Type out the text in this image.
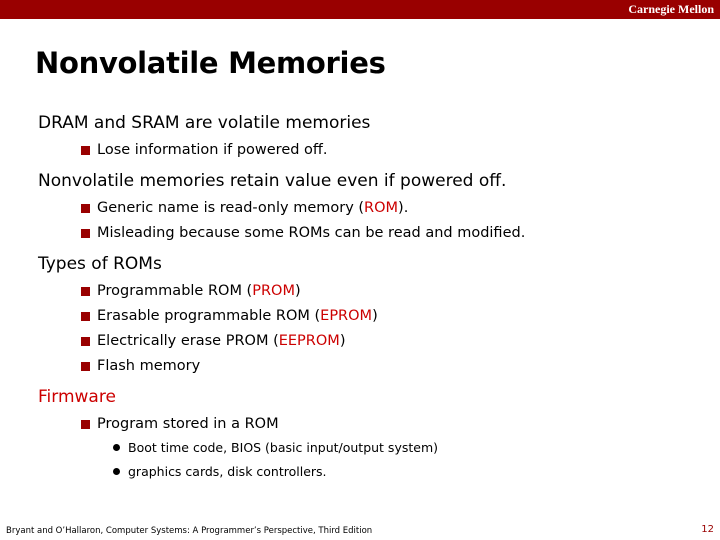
Carnegie Mellon
Nonvolatile Memories
DRAM and SRAM are volatile memories
Lose information if powered off.
Nonvolatile memories retain value even if powered off.
Generic name is read-only memory (ROM).
Misleading because some ROMs can be read and modified.
Types of ROMs
Programmable ROM (PROM)
Erasable programmable ROM (EPROM)
Electrically erase PROM (EEPROM)
Flash memory
Firmware
Program stored in a ROM
Boot time code, BIOS (basic input/output system)
graphics cards, disk controllers.
Bryant and O’Hallaron, Computer Systems: A Programmer’s Perspective, Third Edition	12
